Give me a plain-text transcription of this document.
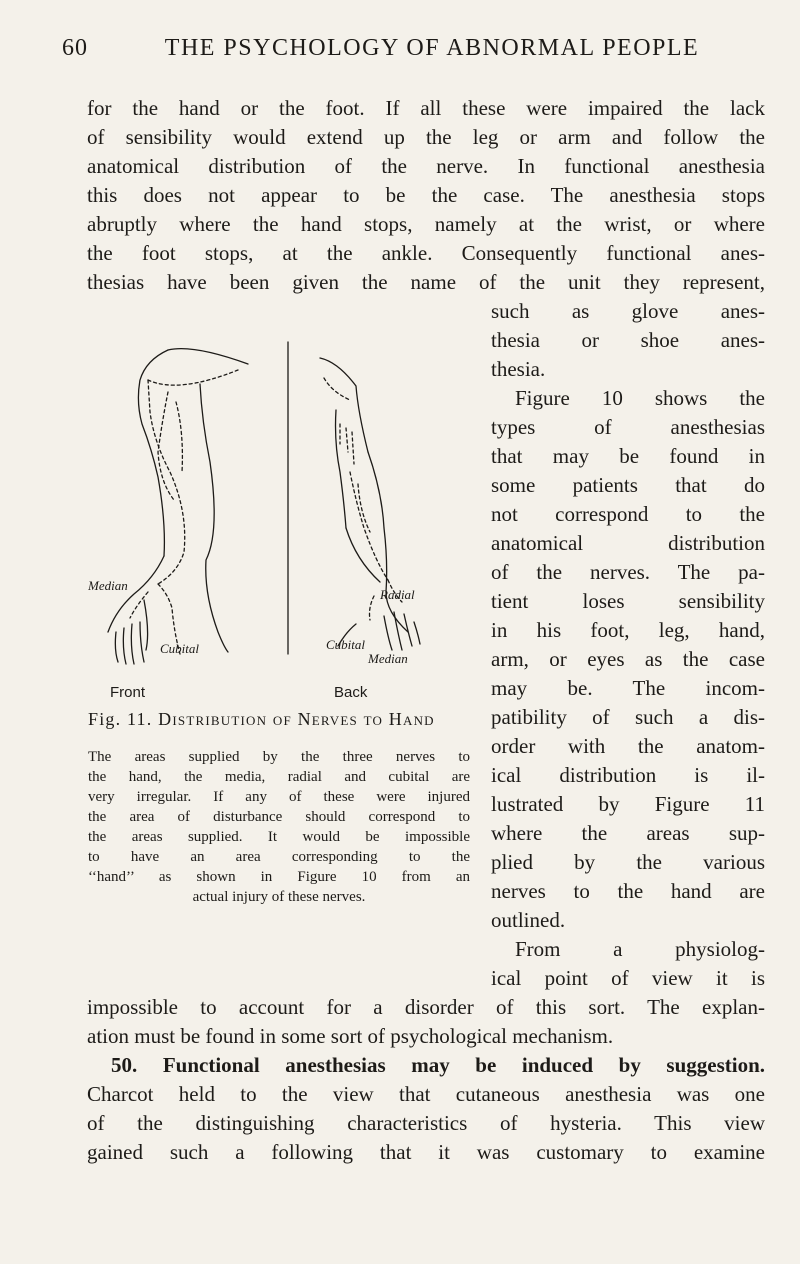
60	THE PSYCHOLOGY OF ABNORMAL PEOPLE
for the hand or the foot. If all these were impaired the lack
of sensibility would extend up the leg or arm and follow the
anatomical distribution of the nerve. In functional anesthesia
this does not appear to be the case. The anesthesia stops
abruptly where the hand stops, namely at the wrist, or where
the foot stops, at the ankle. Consequently functional anes-
thesias have been given the name of the unit they represent,
such as glove anes-
thesia or shoe anes-
thesia.
Figure 10 shows the
types of anesthesias
that may be found in
some patients that do
not correspond to the
anatomical distribution
of the nerves. The pa-
tient loses sensibility
in his foot, leg, hand,
arm, or eyes as the case
may be. The incom-
patibility of such a dis-
order with the anatom-
ical distribution is il-
lustrated by Figure 11
where the areas sup-
plied by the various
nerves to the hand are
outlined.
From a physiolog-
ical point of view it is
impossible to account for a disorder of this sort. The explan-
ation must be found in some sort of psychological mechanism.
50. Functional anesthesias may be induced by suggestion.
Charcot held to the view that cutaneous anesthesia was one
of the distinguishing characteristics of hysteria. This view
gained such a following that it was customary to examine
Median
Cubital
Radial
Cubital
Median
Front	Back
Fig. 11. Distribution of Nerves to Hand
The areas supplied by the three nerves to
the hand, the media, radial and cubital are
very irregular. If any of these were injured
the area of disturbance should correspond to
the areas supplied. It would be impossible
to have an area corresponding to the
‘‘hand’’ as shown in Figure 10 from an
actual injury of these nerves.
